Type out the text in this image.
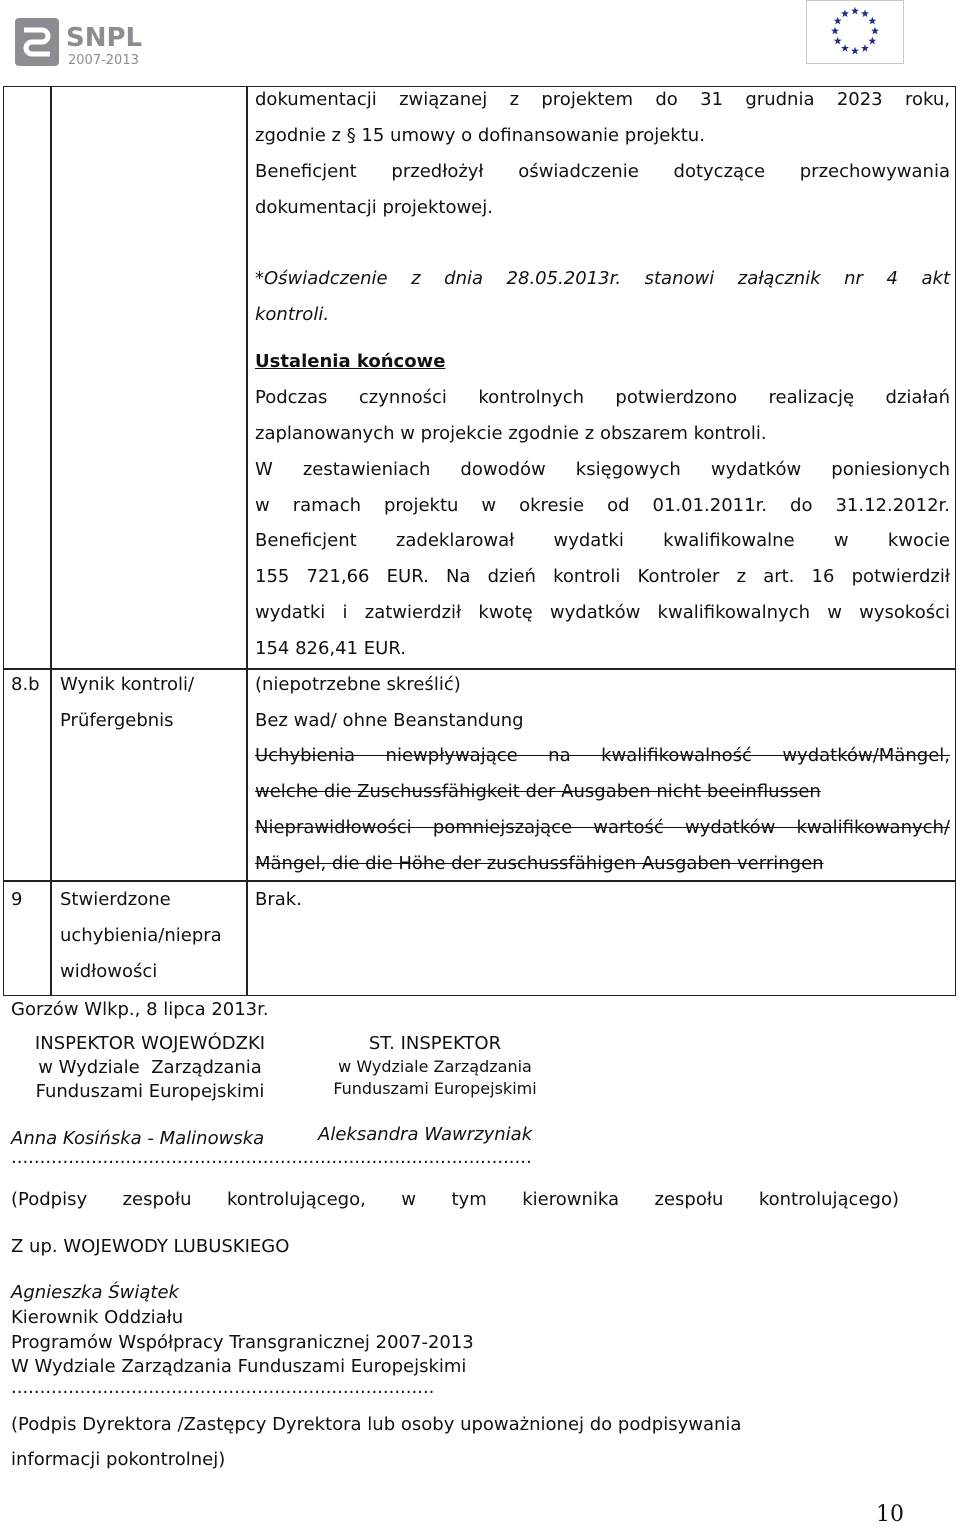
SNPL
2007-2013
dokumentacji związanej z projektem do 31 grudnia 2023 roku,
zgodnie z § 15 umowy o dofinansowanie projektu.
Beneficjent przedłożył oświadczenie dotyczące przechowywania
dokumentacji projektowej.
*Oświadczenie z dnia 28.05.2013r. stanowi załącznik nr 4 akt
kontroli.
Ustalenia końcowe
Podczas czynności kontrolnych potwierdzono realizację działań
zaplanowanych w projekcie zgodnie z obszarem kontroli.
W zestawieniach dowodów księgowych wydatków poniesionych
w ramach projektu w okresie od 01.01.2011r. do 31.12.2012r.
Beneficjent zadeklarował wydatki kwalifikowalne w kwocie
155 721,66 EUR. Na dzień kontroli Kontroler z art. 16 potwierdził
wydatki i zatwierdził kwotę wydatków kwalifikowalnych w wysokości
154 826,41 EUR.
8.b Wynik kontroli/
Prüfergebnis
(niepotrzebne skreślić)
Bez wad/ ohne Beanstandung
Uchybienia niewpływające na kwalifikowalność wydatków/Mängel,
welche die Zuschussfähigkeit der Ausgaben nicht beeinflussen
Nieprawidłowości pomniejszające wartość wydatków kwalifikowanych/
Mängel, die die Höhe der zuschussfähigen Ausgaben verringen
9 Stwierdzone
uchybienia/niepra
widłowości
Brak.
Gorzów Wlkp., 8 lipca 2013r.
INSPEKTOR WOJEWÓDZKI
w Wydziale  Zarządzania
Funduszami Europejskimi
ST. INSPEKTOR
w Wydziale Zarządzania
Funduszami Europejskimi
Anna Kosińska - Malinowska	Aleksandra Wawrzyniak
...........................................................................................
(Podpisy zespołu kontrolującego, w tym kierownika zespołu kontrolującego)
Z up. WOJEWODY LUBUSKIEGO
Agnieszka Świątek
Kierownik Oddziału
Programów Współpracy Transgranicznej 2007-2013
W Wydziale Zarządzania Funduszami Europejskimi
..........................................................................
(Podpis Dyrektora /Zastępcy Dyrektora lub osoby upoważnionej do podpisywania
informacji pokontrolnej)
10
